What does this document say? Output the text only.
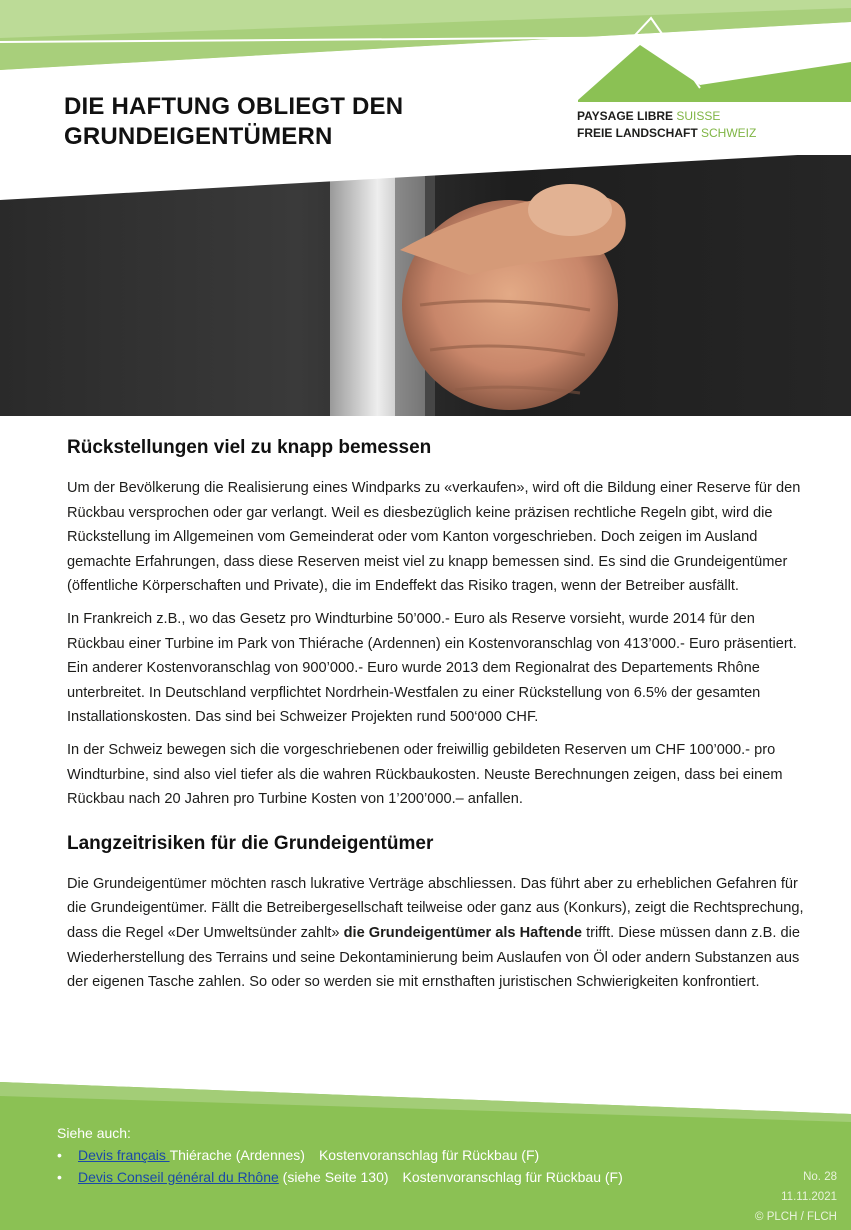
DIE HAFTUNG OBLIEGT DEN
GRUNDEIGENTÜMERN
PAYSAGE LIBRE SUISSE
FREIE LANDSCHAFT SCHWEIZ
Rückstellungen viel zu knapp bemessen

Um der Bevölkerung die Realisierung eines Windparks zu «verkaufen», wird oft die Bildung einer Reserve für den Rückbau versprochen oder gar verlangt. Weil es diesbezüglich keine präzisen rechtliche Regeln gibt, wird die Rückstellung im Allgemeinen vom Gemeinderat oder vom Kanton vorgeschrieben. Doch zeigen im Ausland gemachte Erfahrungen, dass diese Reserven meist viel zu knapp bemessen sind. Es sind die Grundeigentümer (öffentliche Körperschaften und Private), die im Endeffekt das Risiko tragen, wenn der Betreiber ausfällt.

In Frankreich z.B., wo das Gesetz pro Windturbine 50’000.- Euro als Reserve vorsieht, wurde 2014 für den Rückbau einer Turbine im Park von Thiérache (Ardennen) ein Kostenvoranschlag von 413’000.- Euro präsentiert. Ein anderer Kostenvoranschlag von 900’000.- Euro wurde 2013 dem Regionalrat des Departements Rhône unterbreitet. In Deutschland verpflichtet Nordrhein-Westfalen zu einer Rückstellung von 6.5% der gesamten Installationskosten. Das sind bei Schweizer Projekten rund 500‘000 CHF.

In der Schweiz bewegen sich die vorgeschriebenen oder freiwillig gebildeten Reserven um CHF 100’000.- pro Windturbine, sind also viel tiefer als die wahren Rückbaukosten. Neuste Berechnungen zeigen, dass bei einem Rückbau nach 20 Jahren pro Turbine Kosten von 1’200’000.– anfallen.

Langzeitrisiken für die Grundeigentümer

Die Grundeigentümer möchten rasch lukrative Verträge abschliessen. Das führt aber zu erheblichen Gefahren für die Grundeigentümer. Fällt die Betreibergesellschaft teilweise oder ganz aus (Konkurs), zeigt die Rechtsprechung, dass die Regel «Der Umweltsünder zahlt» die Grundeigentümer als Haftende trifft. Diese müssen dann z.B. die Wiederherstellung des Terrains und seine Dekontaminierung beim Auslaufen von Öl oder andern Substanzen aus der eigenen Tasche zahlen. So oder so werden sie mit ernsthaften juristischen Schwierigkeiten konfrontiert.

Siehe auch:
• Devis français Thiérache (Ardennes) Kostenvoranschlag für Rückbau (F)
• Devis Conseil général du Rhône (siehe Seite 130) Kostenvoranschlag für Rückbau (F)	No. 28
11.11.2021
© PLCH / FLCH
